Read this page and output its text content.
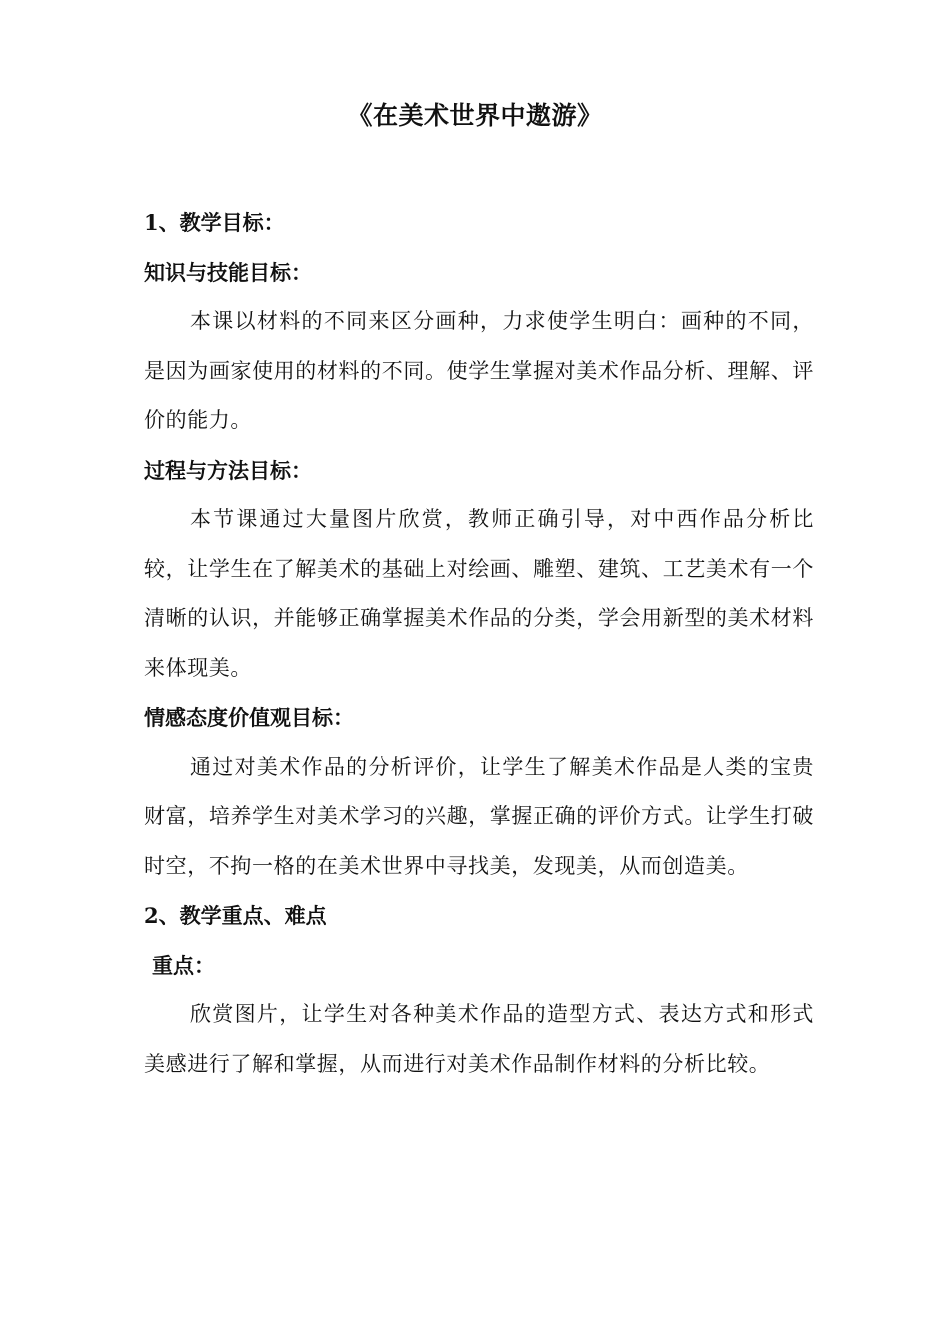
《在美术世界中遨游》

1、教学目标：

知识与技能目标：

本课以材料的不同来区分画种，力求使学生明白：画种的不同，是因为画家使用的材料的不同。使学生掌握对美术作品分析、理解、评价的能力。

过程与方法目标：

本节课通过大量图片欣赏，教师正确引导，对中西作品分析比较，让学生在了解美术的基础上对绘画、雕塑、建筑、工艺美术有一个清晰的认识，并能够正确掌握美术作品的分类，学会用新型的美术材料来体现美。

情感态度价值观目标：

通过对美术作品的分析评价，让学生了解美术作品是人类的宝贵财富，培养学生对美术学习的兴趣，掌握正确的评价方式。让学生打破时空，不拘一格的在美术世界中寻找美，发现美，从而创造美。

2、教学重点、难点

重点：

欣赏图片，让学生对各种美术作品的造型方式、表达方式和形式美感进行了解和掌握，从而进行对美术作品制作材料的分析比较。
